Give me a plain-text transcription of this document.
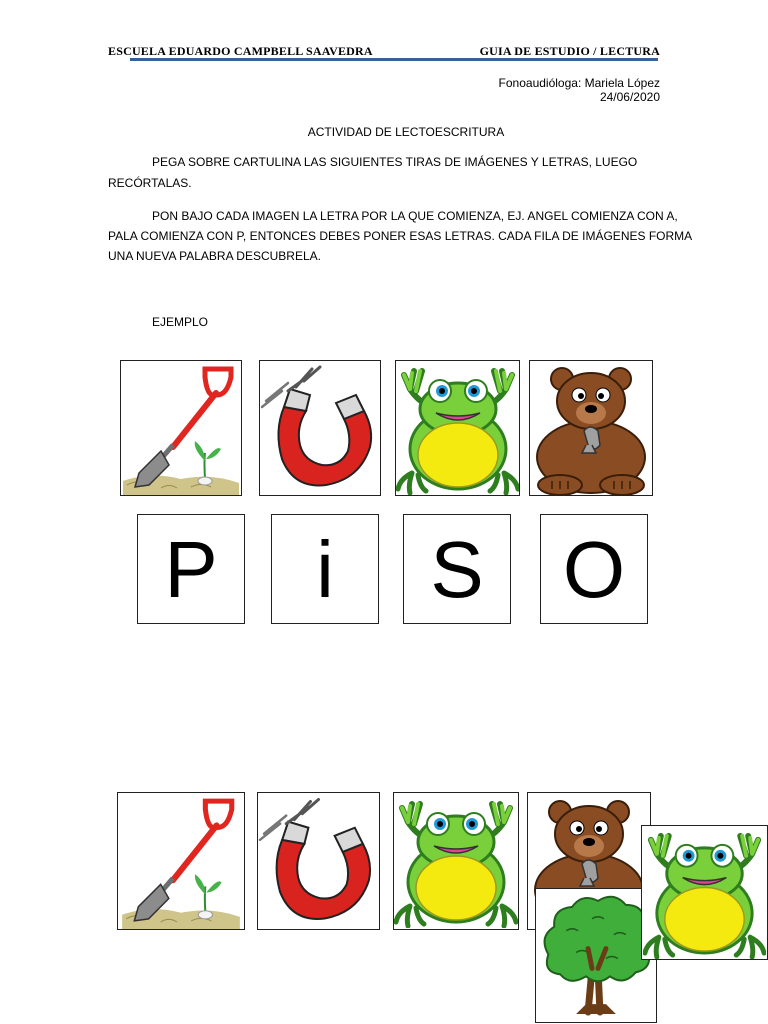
ESCUELA EDUARDO CAMPBELL SAAVEDRA	GUIA DE ESTUDIO / LECTURA
Fonoaudióloga: Mariela López
24/06/2020
ACTIVIDAD DE LECTOESCRITURA
PEGA SOBRE CARTULINA LAS SIGUIENTES TIRAS DE IMÁGENES Y LETRAS, LUEGO
RECÓRTALAS.
PON BAJO CADA IMAGEN LA LETRA POR LA QUE COMIENZA, EJ. ANGEL COMIENZA CON A,
PALA COMIENZA CON P, ENTONCES DEBES PONER ESAS LETRAS. CADA FILA DE IMÁGENES FORMA
UNA NUEVA PALABRA DESCUBRELA.
EJEMPLO
P	i	S O
